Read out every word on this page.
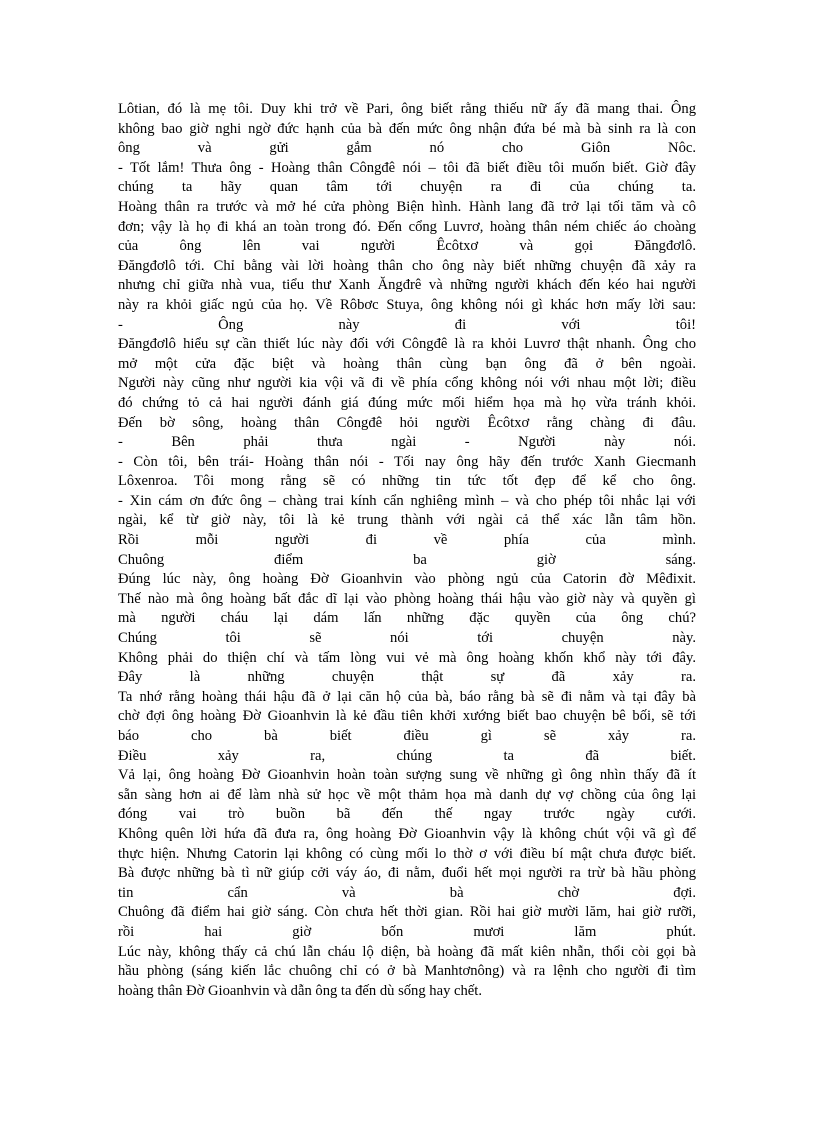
Lôtian, đó là mẹ tôi. Duy khi trở về Pari, ông biết rằng thiếu nữ ấy đã mang thai. Ông
không bao giờ nghi ngờ đức hạnh của bà đến mức ông nhận đứa bé mà bà sinh ra là con
ông và gửi gắm nó cho Giôn Nôc.
- Tốt lắm! Thưa ông - Hoàng thân Côngđê nói – tôi đã biết điều tôi muốn biết. Giờ đây
chúng ta hãy quan tâm tới chuyện ra đi của chúng ta.
Hoàng thân ra trước và mở hé cửa phòng Biện hình. Hành lang đã trở lại tối tăm và cô
đơn; vậy là họ đi khá an toàn trong đó. Đến cổng Luvrơ, hoàng thân ném chiếc áo choàng
của ông lên vai người Êcôtxơ và gọi Đăngđơlô.
Đăngđơlô tới. Chỉ bằng vài lời hoàng thân cho ông này biết những chuyện đã xảy ra
nhưng chỉ giữa nhà vua, tiểu thư Xanh Ăngđrê và những người khách đến kéo hai người
này ra khỏi giấc ngủ của họ. Về Rôbơc Stuya, ông không nói gì khác hơn mấy lời sau:
- Ông này đi với tôi!
Đăngđơlô hiểu sự cần thiết lúc này đối với Côngđê là ra khỏi Luvrơ thật nhanh. Ông cho
mở một cửa đặc biệt và hoàng thân cùng bạn ông đã ở bên ngoài.
Người này cũng như người kia vội vã đi về phía cổng không nói với nhau một lời; điều
đó chứng tỏ cả hai người đánh giá đúng mức mối hiểm họa mà họ vừa tránh khỏi.
Đến bờ sông, hoàng thân Côngđê hỏi người Êcôtxơ rằng chàng đi đâu.
- Bên phải thưa ngài - Người này nói.
- Còn tôi, bên trái- Hoàng thân nói - Tối nay ông hãy đến trước Xanh Giecmanh
Lôxenroa. Tôi mong rằng sẽ có những tin tức tốt đẹp để kể cho ông.
- Xin cám ơn đức ông – chàng trai kính cẩn nghiêng mình – và cho phép tôi nhắc lại với
ngài, kể từ giờ này, tôi là kẻ trung thành với ngài cả thể xác lẫn tâm hồn.
Rồi mỗi người đi về phía của mình.
Chuông điểm ba giờ sáng.
Đúng lúc này, ông hoàng Đờ Gioanhvin vào phòng ngủ của Catorin đờ Mêđixit.
Thế nào mà ông hoàng bất đắc dĩ lại vào phòng hoàng thái hậu vào giờ này và quyền gì
mà người cháu lại dám lấn những đặc quyền của ông chú?
Chúng tôi sẽ nói tới chuyện này.
Không phải do thiện chí và tấm lòng vui vẻ mà ông hoàng khốn khổ này tới đây.
Đây là những chuyện thật sự đã xảy ra.
Ta nhớ rằng hoàng thái hậu đã ở lại căn hộ của bà, báo rằng bà sẽ đi nằm và tại đây bà
chờ đợi ông hoàng Đờ Gioanhvin là kẻ đầu tiên khởi xướng biết bao chuyện bê bối, sẽ tới
báo cho bà biết điều gì sẽ xảy ra.
Điều xảy ra, chúng ta đã biết.
Vả lại, ông hoàng Đờ Gioanhvin hoàn toàn sượng sung về những gì ông nhìn thấy đã ít
sẵn sàng hơn ai để làm nhà sử học về một thảm họa mà danh dự vợ chồng của ông lại
đóng vai trò buồn bã đến thế ngay trước ngày cưới.
Không quên lời hứa đã đưa ra, ông hoàng Đờ Gioanhvin vậy là không chút vội vã gì để
thực hiện. Nhưng Catorin lại không có cùng mối lo thờ ơ với điều bí mật chưa được biết.
Bà được những bà tì nữ giúp cởi váy áo, đi nằm, đuổi hết mọi người ra trừ bà hầu phòng
tin cẩn và bà chờ đợi.
Chuông đã điểm hai giờ sáng. Còn chưa hết thời gian. Rồi hai giờ mười lăm, hai giờ rưỡi,
rồi hai giờ bốn mươi lăm phút.
Lúc này, không thấy cả chú lẫn cháu lộ diện, bà hoàng đã mất kiên nhẫn, thổi còi gọi bà
hầu phòng (sáng kiến lắc chuông chỉ có ở bà Manhtơnông) và ra lệnh cho người đi tìm
hoàng thân Đờ Gioanhvin và dẫn ông ta đến dù sống hay chết.
